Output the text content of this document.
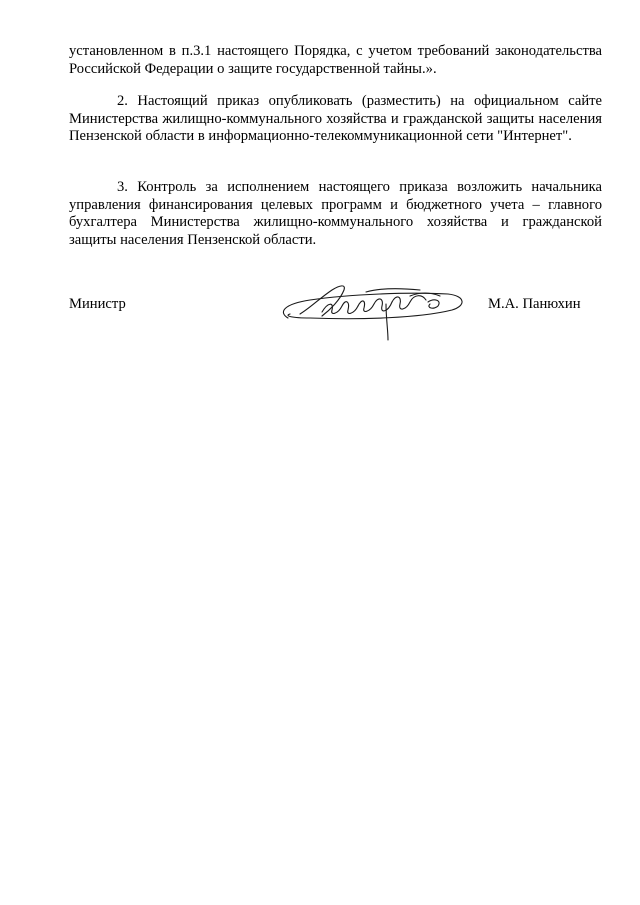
установленном в п.3.1 настоящего Порядка, с учетом требований законодательства Российской Федерации о защите государственной тайны.».

2. Настоящий приказ опубликовать (разместить) на официальном сайте Министерства жилищно-коммунального хозяйства и гражданской защиты населения Пензенской области в информационно-телекоммуникационной сети "Интернет".

3. Контроль за исполнением настоящего приказа возложить начальника управления финансирования целевых программ и бюджетного учета – главного бухгалтера Министерства жилищно-коммунального хозяйства и гражданской защиты населения Пензенской области.

Министр	М.А. Панюхин
